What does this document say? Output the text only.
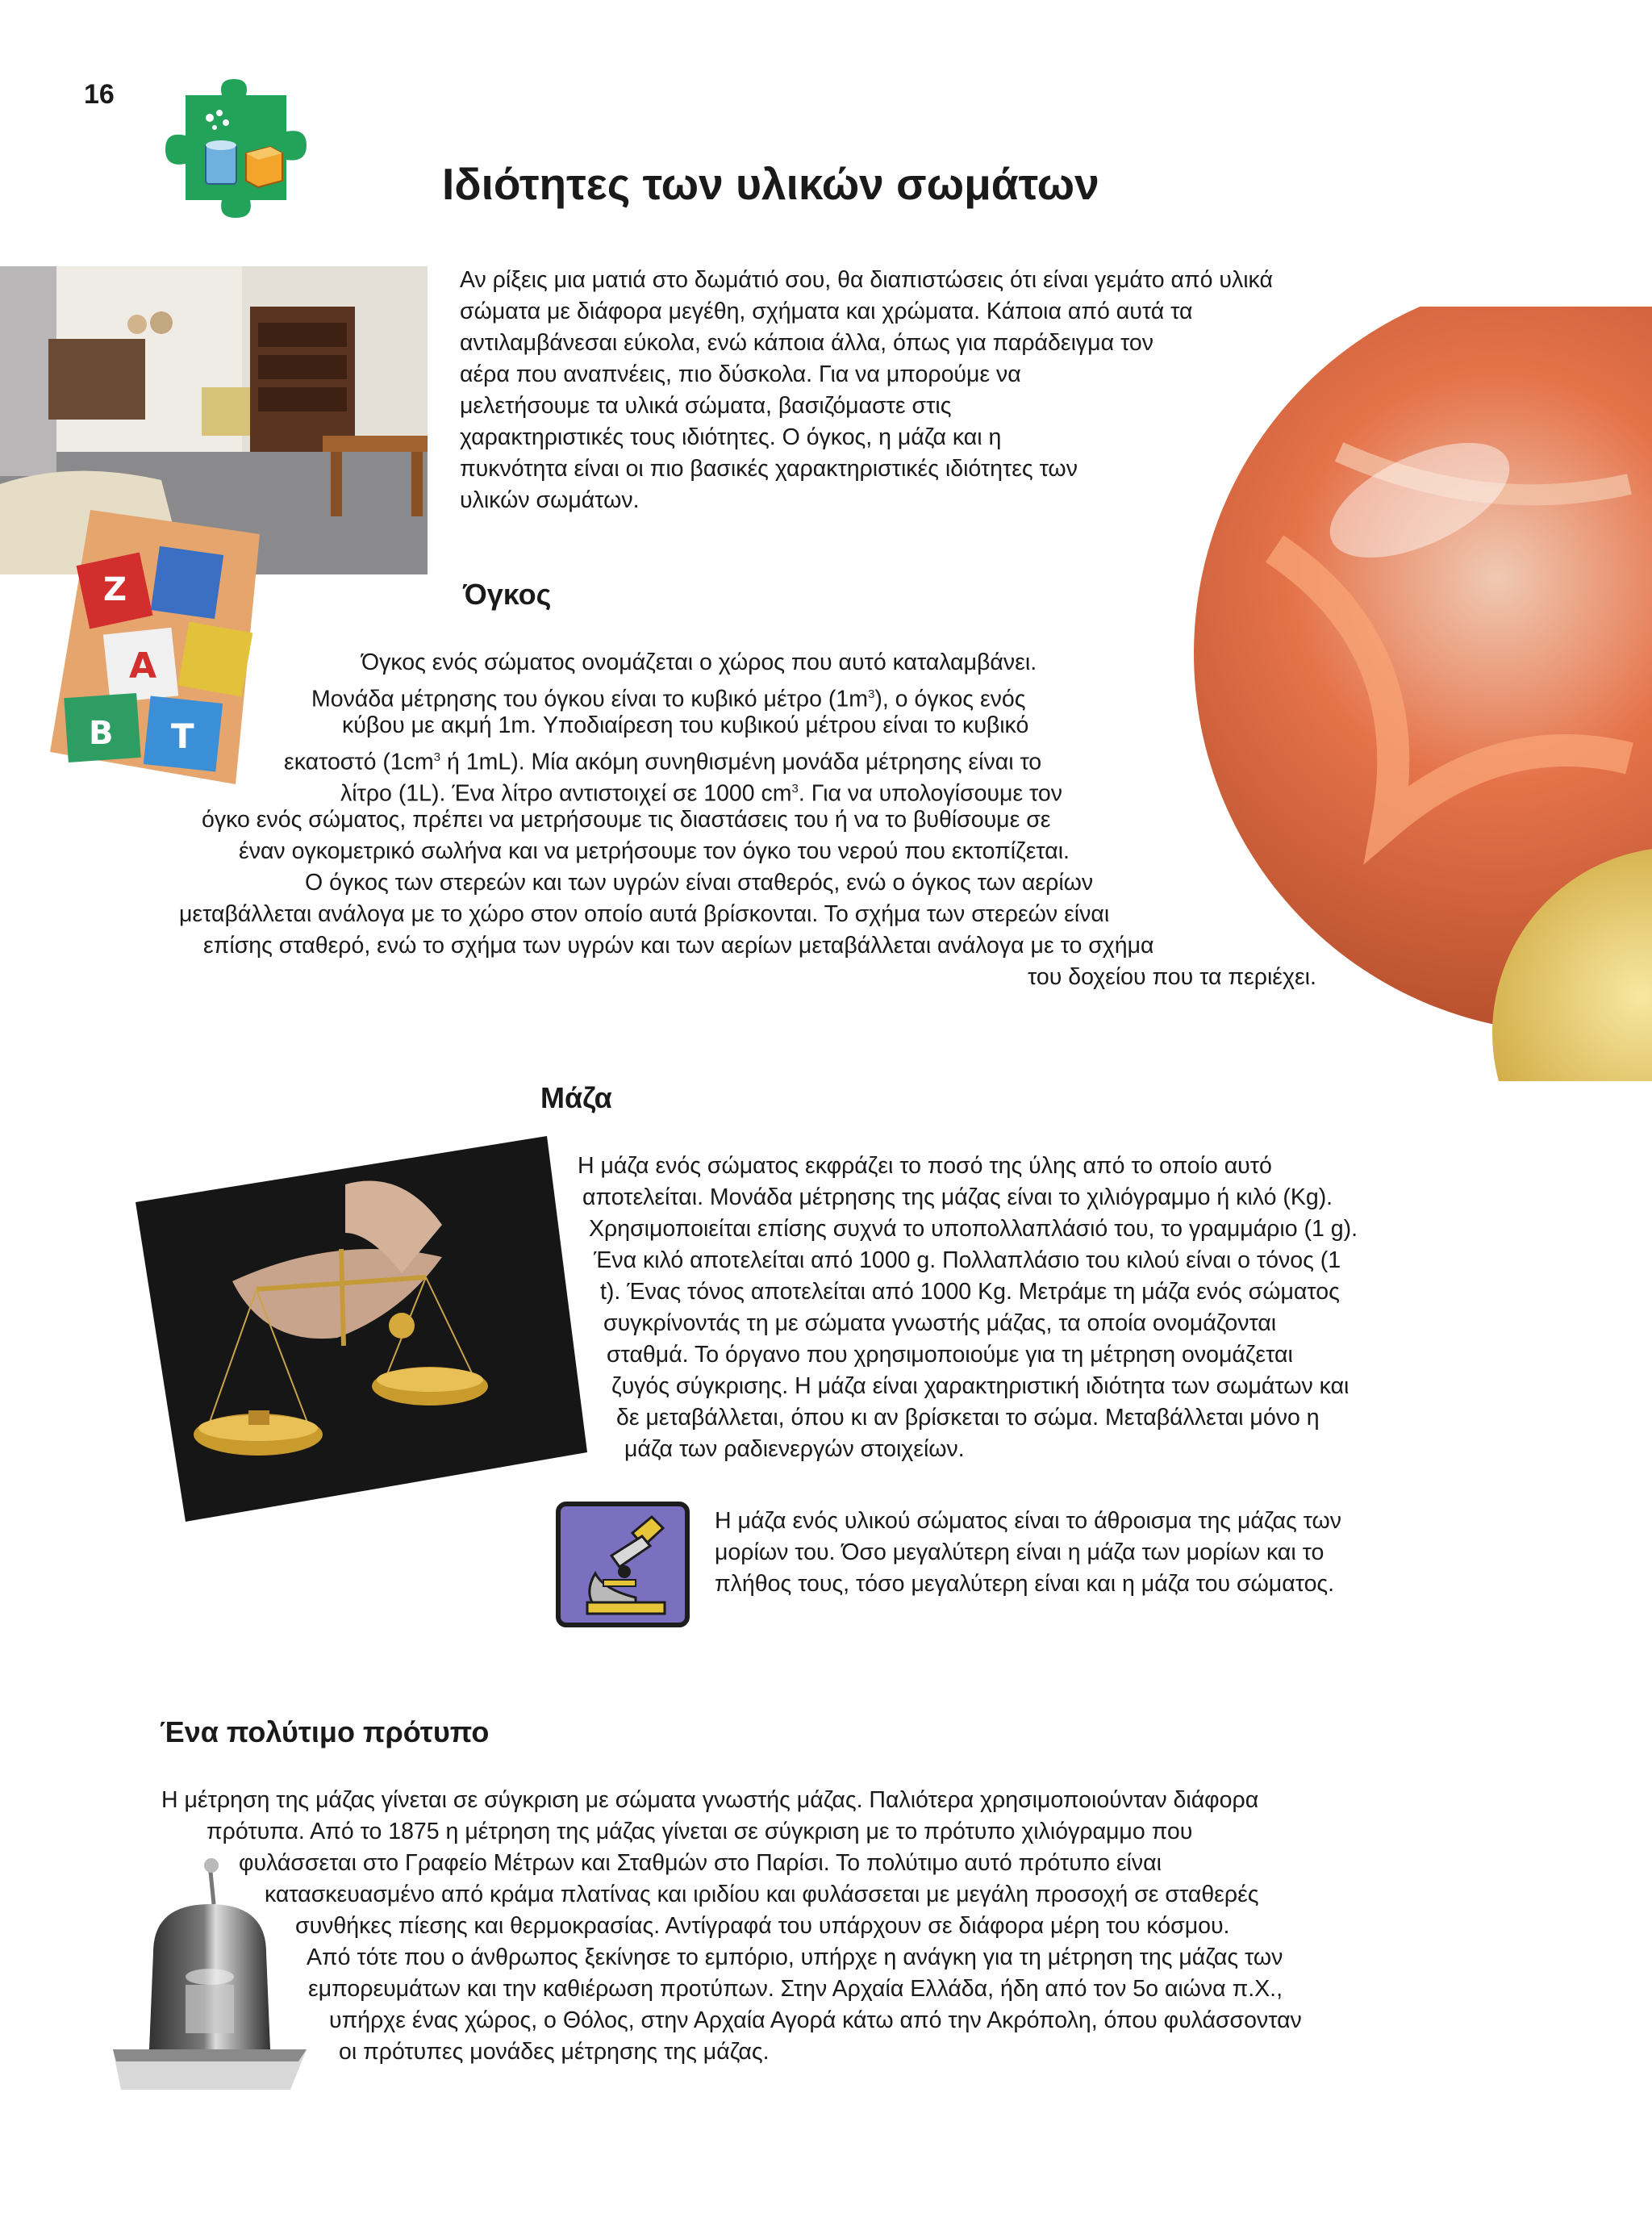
16
Ιδιότητες των υλικών σωμάτων
Z
A
B T
Αν ρίξεις μια ματιά στο δωμάτιό σου, θα διαπιστώσεις ότι είναι γεμάτο από υλικά
σώματα με διάφορα μεγέθη, σχήματα και χρώματα. Κάποια από αυτά τα
αντιλαμβάνεσαι εύκολα, ενώ κάποια άλλα, όπως για παράδειγμα τον
αέρα που αναπνέεις, πιο δύσκολα. Για να μπορούμε να
μελετήσουμε τα υλικά σώματα, βασιζόμαστε στις
χαρακτηριστικές τους ιδιότητες. Ο όγκος, η μάζα και η
πυκνότητα είναι οι πιο βασικές χαρακτηριστικές ιδιότητες των
υλικών σωμάτων.
Όγκος
Όγκος ενός σώματος ονομάζεται ο χώρος που αυτό καταλαμβάνει.
Μονάδα μέτρησης του όγκου είναι το κυβικό μέτρο $(1m^3)$, ο όγκος ενός
κύβου με ακμή 1m. Υποδιαίρεση του κυβικού μέτρου είναι το κυβικό
εκατοστό ($1cm^3$ ή 1mL). Μία ακόμη συνηθισμένη μονάδα μέτρησης είναι το
λίτρο (1L). Ένα λίτρο αντιστοιχεί σε 1000 $cm^3$. Για να υπολογίσουμε τον
όγκο ενός σώματος, πρέπει να μετρήσουμε τις διαστάσεις του ή να το βυθίσουμε σε
έναν ογκομετρικό σωλήνα και να μετρήσουμε τον όγκο του νερού που εκτοπίζεται.
Ο όγκος των στερεών και των υγρών είναι σταθερός, ενώ ο όγκος των αερίων
μεταβάλλεται ανάλογα με το χώρο στον οποίο αυτά βρίσκονται. Το σχήμα των στερεών είναι
επίσης σταθερό, ενώ το σχήμα των υγρών και των αερίων μεταβάλλεται ανάλογα με το σχήμα
του δοχείου που τα περιέχει.
Μάζα
Η μάζα ενός σώματος εκφράζει το ποσό της ύλης από το οποίο αυτό
αποτελείται. Μονάδα μέτρησης της μάζας είναι το χιλιόγραμμο ή κιλό (Kg).
Χρησιμοποιείται επίσης συχνά το υποπολλαπλάσιό του, το γραμμάριο (1 g).
Ένα κιλό αποτελείται από 1000 g. Πολλαπλάσιο του κιλού είναι ο τόνος (1
t). Ένας τόνος αποτελείται από 1000 Kg. Μετράμε τη μάζα ενός σώματος
συγκρίνοντάς τη με σώματα γνωστής μάζας, τα οποία ονομάζονται
σταθμά. Το όργανο που χρησιμοποιούμε για τη μέτρηση ονομάζεται
ζυγός σύγκρισης. Η μάζα είναι χαρακτηριστική ιδιότητα των σωμάτων και
δε μεταβάλλεται, όπου κι αν βρίσκεται το σώμα. Μεταβάλλεται μόνο η
μάζα των ραδιενεργών στοιχείων.
Η μάζα ενός υλικού σώματος είναι το άθροισμα της μάζας των
μορίων του. Όσο μεγαλύτερη είναι η μάζα των μορίων και το
πλήθος τους, τόσο μεγαλύτερη είναι και η μάζα του σώματος.
Ένα πολύτιμο πρότυπο
Η μέτρηση της μάζας γίνεται σε σύγκριση με σώματα γνωστής μάζας. Παλιότερα χρησιμοποιούνταν διάφορα
πρότυπα. Από το 1875 η μέτρηση της μάζας γίνεται σε σύγκριση με το πρότυπο χιλιόγραμμο που
φυλάσσεται στο Γραφείο Μέτρων και Σταθμών στο Παρίσι. Το πολύτιμο αυτό πρότυπο είναι
κατασκευασμένο από κράμα πλατίνας και ιριδίου και φυλάσσεται με μεγάλη προσοχή σε σταθερές
συνθήκες πίεσης και θερμοκρασίας. Αντίγραφά του υπάρχουν σε διάφορα μέρη του κόσμου.
Από τότε που ο άνθρωπος ξεκίνησε το εμπόριο, υπήρχε η ανάγκη για τη μέτρηση της μάζας των
εμπορευμάτων και την καθιέρωση προτύπων. Στην Αρχαία Ελλάδα, ήδη από τον 5ο αιώνα π.Χ.,
υπήρχε ένας χώρος, ο Θόλος, στην Αρχαία Αγορά κάτω από την Ακρόπολη, όπου φυλάσσονταν
οι πρότυπες μονάδες μέτρησης της μάζας.
